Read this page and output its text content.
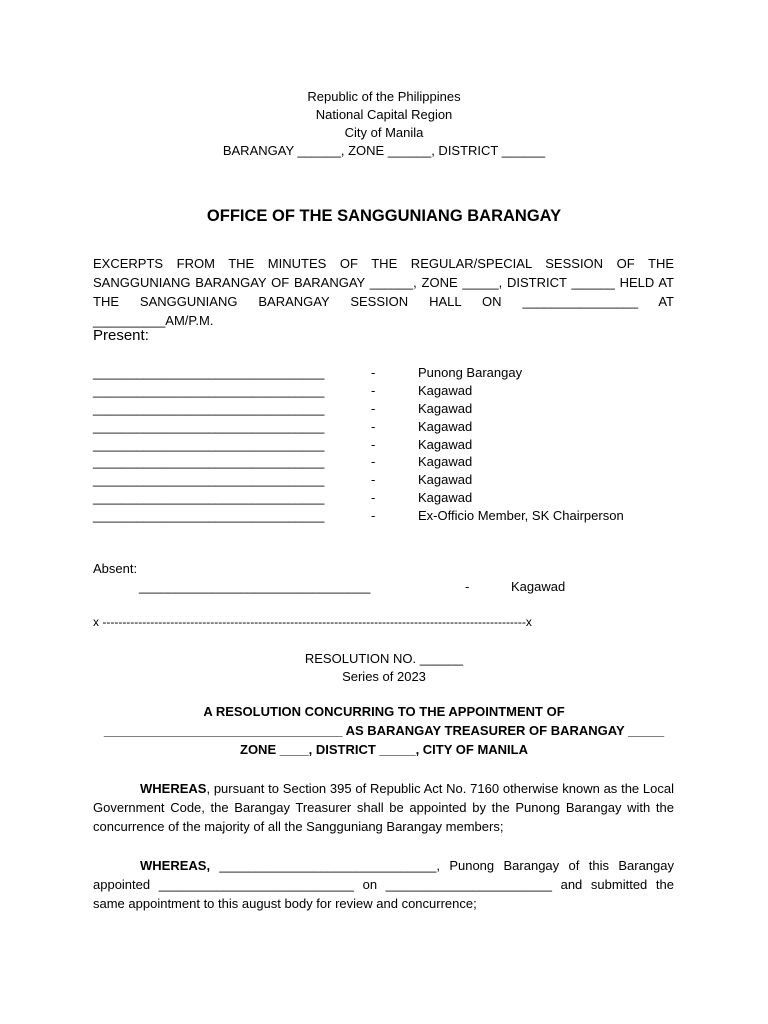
Republic of the Philippines
National Capital Region
City of Manila
BARANGAY ______, ZONE ______, DISTRICT ______
OFFICE OF THE SANGGUNIANG BARANGAY
EXCERPTS FROM THE MINUTES OF THE REGULAR/SPECIAL SESSION OF THE SANGGUNIANG BARANGAY OF BARANGAY ______, ZONE _____, DISTRICT ______ HELD AT THE SANGGUNIANG BARANGAY SESSION HALL ON ________________ AT __________AM/P.M.
Present:
________________________________	-	Punong Barangay
________________________________	-	Kagawad
________________________________	-	Kagawad
________________________________	-	Kagawad
________________________________	-	Kagawad
________________________________	-	Kagawad
________________________________	-	Kagawad
________________________________	-	Kagawad
________________________________	-	Ex-Officio Member, SK Chairperson
Absent:
________________________________	-	Kagawad
x ----------------------------------------------------------------------------------------------------------x
RESOLUTION NO. ______
Series of 2023
A RESOLUTION CONCURRING TO THE APPOINTMENT OF
_________________________________ AS BARANGAY TREASURER OF BARANGAY _____
ZONE ____, DISTRICT _____, CITY OF MANILA
WHEREAS, pursuant to Section 395 of Republic Act No. 7160 otherwise known as the Local Government Code, the Barangay Treasurer shall be appointed by the Punong Barangay with the concurrence of the majority of all the Sangguniang Barangay members;
WHEREAS, ______________________________, Punong Barangay of this Barangay appointed ___________________________ on _______________________ and submitted the same appointment to this august body for review and concurrence;
